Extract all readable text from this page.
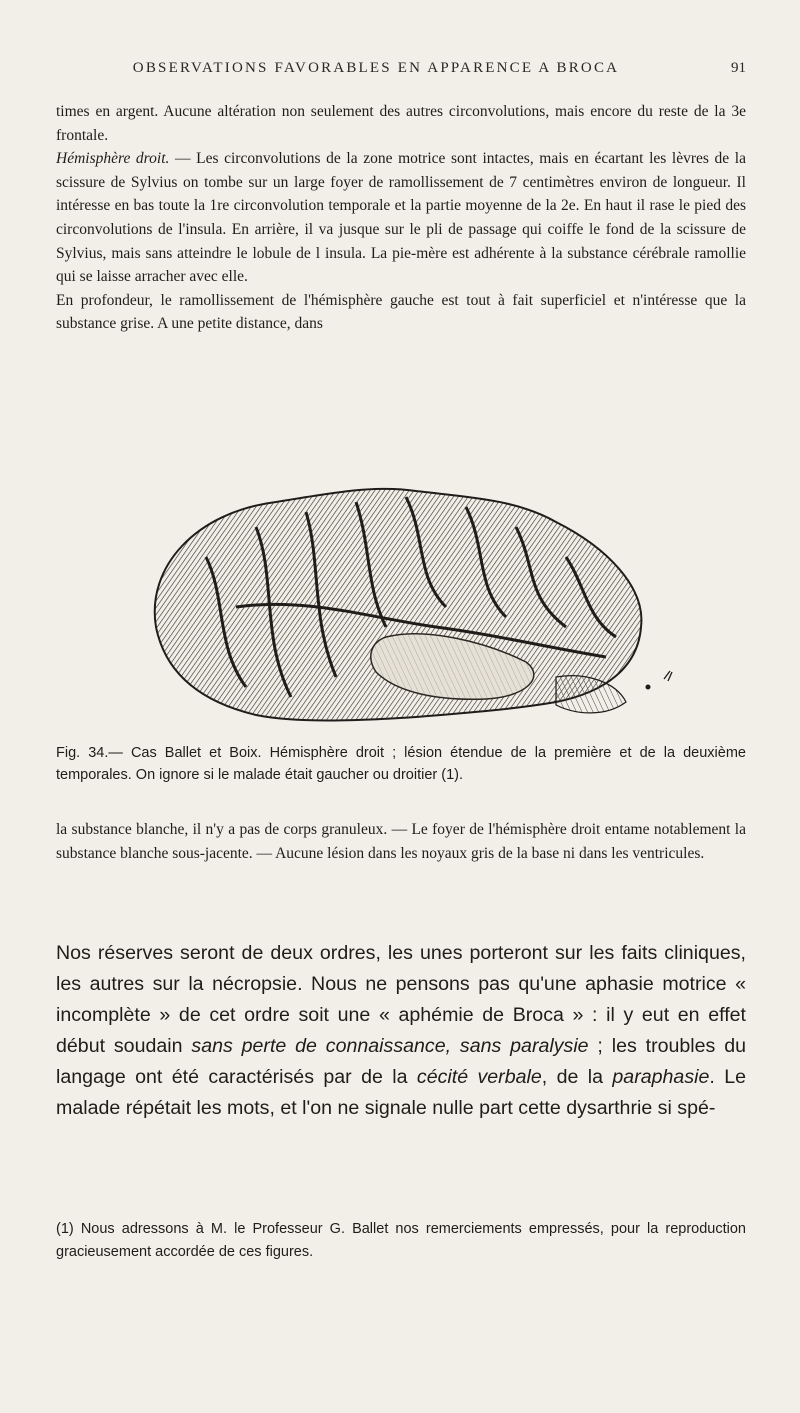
OBSERVATIONS FAVORABLES EN APPARENCE A BROCA	91

times en argent. Aucune altération non seulement des autres circonvolutions, mais encore du reste de la 3e frontale.

Hémisphère droit. — Les circonvolutions de la zone motrice sont intactes, mais en écartant les lèvres de la scissure de Sylvius on tombe sur un large foyer de ramollissement de 7 centimètres environ de longueur. Il intéresse en bas toute la 1re circonvolution temporale et la partie moyenne de la 2e. En haut il rase le pied des circonvolutions de l'insula. En arrière, il va jusque sur le pli de passage qui coiffe le fond de la scissure de Sylvius, mais sans atteindre le lobule de l insula. La pie-mère est adhérente à la substance cérébrale ramollie qui se laisse arracher avec elle.

En profondeur, le ramollissement de l'hémisphère gauche est tout à fait superficiel et n'intéresse que la substance grise. A une petite distance, dans

Fig. 34.— Cas Ballet et Boix. Hémisphère droit ; lésion étendue de la première et de la deuxième temporales. On ignore si le malade était gaucher ou droitier (1).

la substance blanche, il n'y a pas de corps granuleux. — Le foyer de l'hémisphère droit entame notablement la substance blanche sous-jacente. — Aucune lésion dans les noyaux gris de la base ni dans les ventricules.

Nos réserves seront de deux ordres, les unes porteront sur les faits cliniques, les autres sur la nécropsie. Nous ne pensons pas qu'une aphasie motrice « incomplète » de cet ordre soit une « aphémie de Broca » : il y eut en effet début soudain sans perte de connaissance, sans paralysie ; les troubles du langage ont été caractérisés par de la cécité verbale, de la paraphasie. Le malade répétait les mots, et l'on ne signale nulle part cette dysarthrie si spé-

(1) Nous adressons à M. le Professeur G. Ballet nos remerciements empressés, pour la reproduction gracieusement accordée de ces figures.
